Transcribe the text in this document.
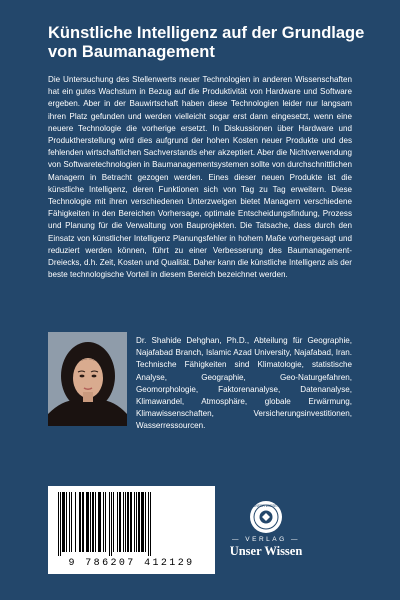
Künstliche Intelligenz auf der Grundlage von Baumanagement

Die Untersuchung des Stellenwerts neuer Technologien in anderen Wissenschaften hat ein gutes Wachstum in Bezug auf die Produktivität von Hardware und Software ergeben. Aber in der Bauwirtschaft haben diese Technologien leider nur langsam ihren Platz gefunden und werden vielleicht sogar erst dann eingesetzt, wenn eine neuere Technologie die vorherige ersetzt. In Diskussionen über Hardware und Produktherstellung wird dies aufgrund der hohen Kosten neuer Produkte und des fehlenden wirtschaftlichen Sachverstands eher akzeptiert. Aber die Nichtverwendung von Softwaretechnologien in Baumanagementsystemen sollte von durchschnittlichen Managern in Betracht gezogen werden. Eines dieser neuen Produkte ist die künstliche Intelligenz, deren Funktionen sich von Tag zu Tag erweitern. Diese Technologie mit ihren verschiedenen Unterzweigen bietet Managern verschiedene Fähigkeiten in den Bereichen Vorhersage, optimale Entscheidungsfindung, Prozess und Planung für die Verwaltung von Bauprojekten. Die Tatsache, dass durch den Einsatz von künstlicher Intelligenz Planungsfehler in hohem Maße vorhergesagt und reduziert werden können, führt zu einer Verbesserung des Baumanagement-Dreiecks, d.h. Zeit, Kosten und Qualität. Daher kann die künstliche Intelligenz als der beste technologische Vorteil in diesem Bereich bezeichnet werden.

Dr. Shahide Dehghan, Ph.D., Abteilung für Geographie, Najafabad Branch, Islamic Azad University, Najafabad, Iran. Technische Fähigkeiten sind Klimatologie, statistische Analyse, Geographie, Geo-Naturgefahren, Geomorphologie, Faktorenanalyse, Datenanalyse, Klimawandel, Atmosphäre, globale Erwärmung, Klimawissenschaften, Versicherungsinvestitionen, Wasserressourcen.

9 786207 412129
UNSER WISSEN
— VERLAG —
Unser Wissen
